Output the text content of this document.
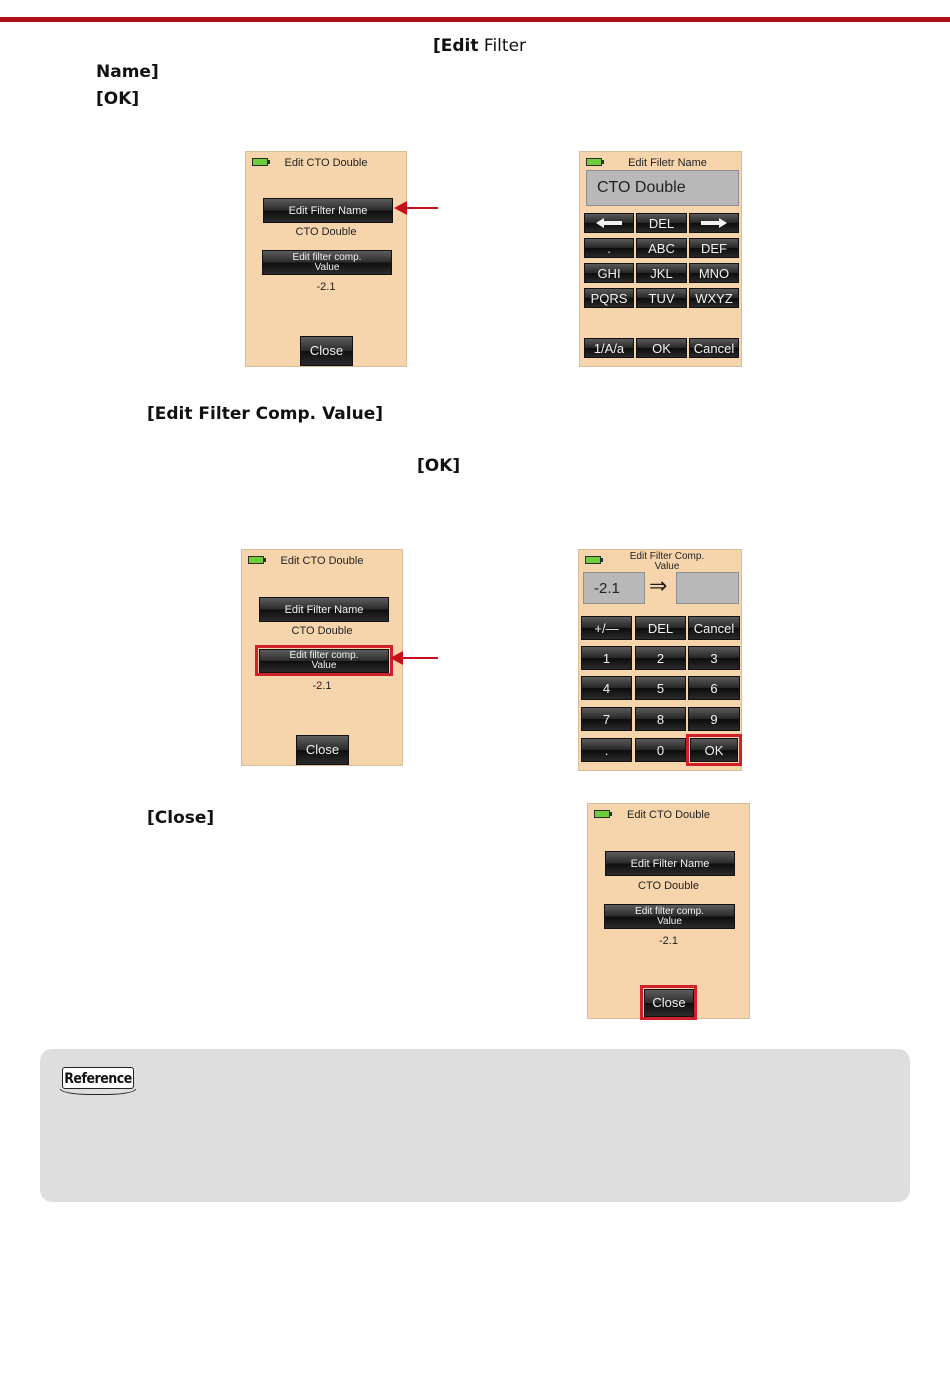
[Edit Filter
Name]
[OK]
Edit CTO Double
Edit Filter Name
CTO Double
Edit filter comp.
Value
-2.1
Close
Edit Filetr Name
CTO Double
DEL
.	ABC	DEF
GHI	JKL	MNO
PQRS	TUV	WXYZ
1/A/a	OK	Cancel
[Edit Filter Comp. Value]
[OK]
Edit CTO Double
Edit Filter Name
CTO Double
Edit filter comp.
Value
-2.1
Close
Edit Filter Comp.
Value
-2.1	⇒
+/—	DEL	Cancel
1	2	3
4	5	6
7	8	9
.	0	OK
[Close]	Edit CTO Double
Edit Filter Name
CTO Double
Edit filter comp.
Value
-2.1
Close
Reference
